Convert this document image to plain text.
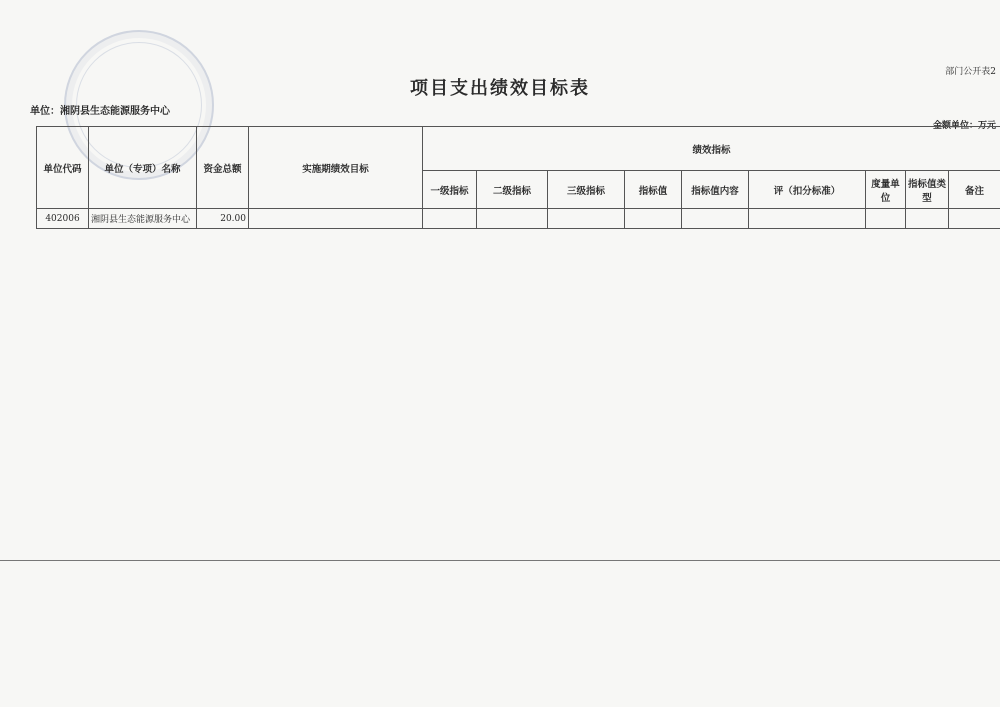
部门公开表2
项目支出绩效目标表
单位：湘阴县生态能源服务中心
金额单位：万元
单位代码	单位（专项）名称	资金总额	实施期绩效目标	绩效指标								
				一级指标	二级指标	三级指标	指标值	指标值内容	评（扣分标准）	度量单位	指标值类型	备注
402006	湘阴县生态能源服务中心	20.00										
